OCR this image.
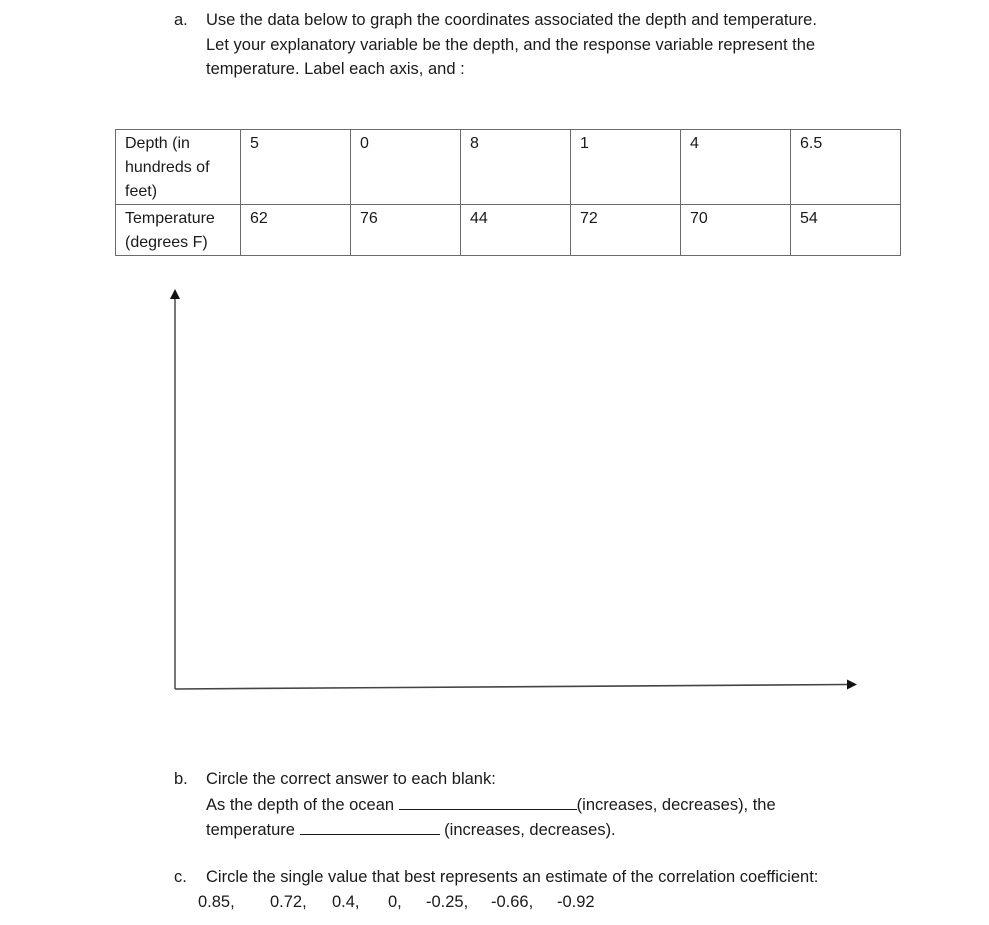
a. Use the data below to graph the coordinates associated the depth and temperature.
Let your explanatory variable be the depth, and the response variable represent the
temperature. Label each axis, and :
Depth (in
hundreds of
feet)	5	0	8	1	4	6.5

Temperature
(degrees F)	62	76	44	72	70	54
b. Circle the correct answer to each blank:
As the depth of the ocean	(increases, decreases), the
temperature	(increases, decreases).
c. Circle the single value that best represents an estimate of the correlation coefficient:
0.85, 0.72, 0.4, 0, -0.25, -0.66, -0.92
